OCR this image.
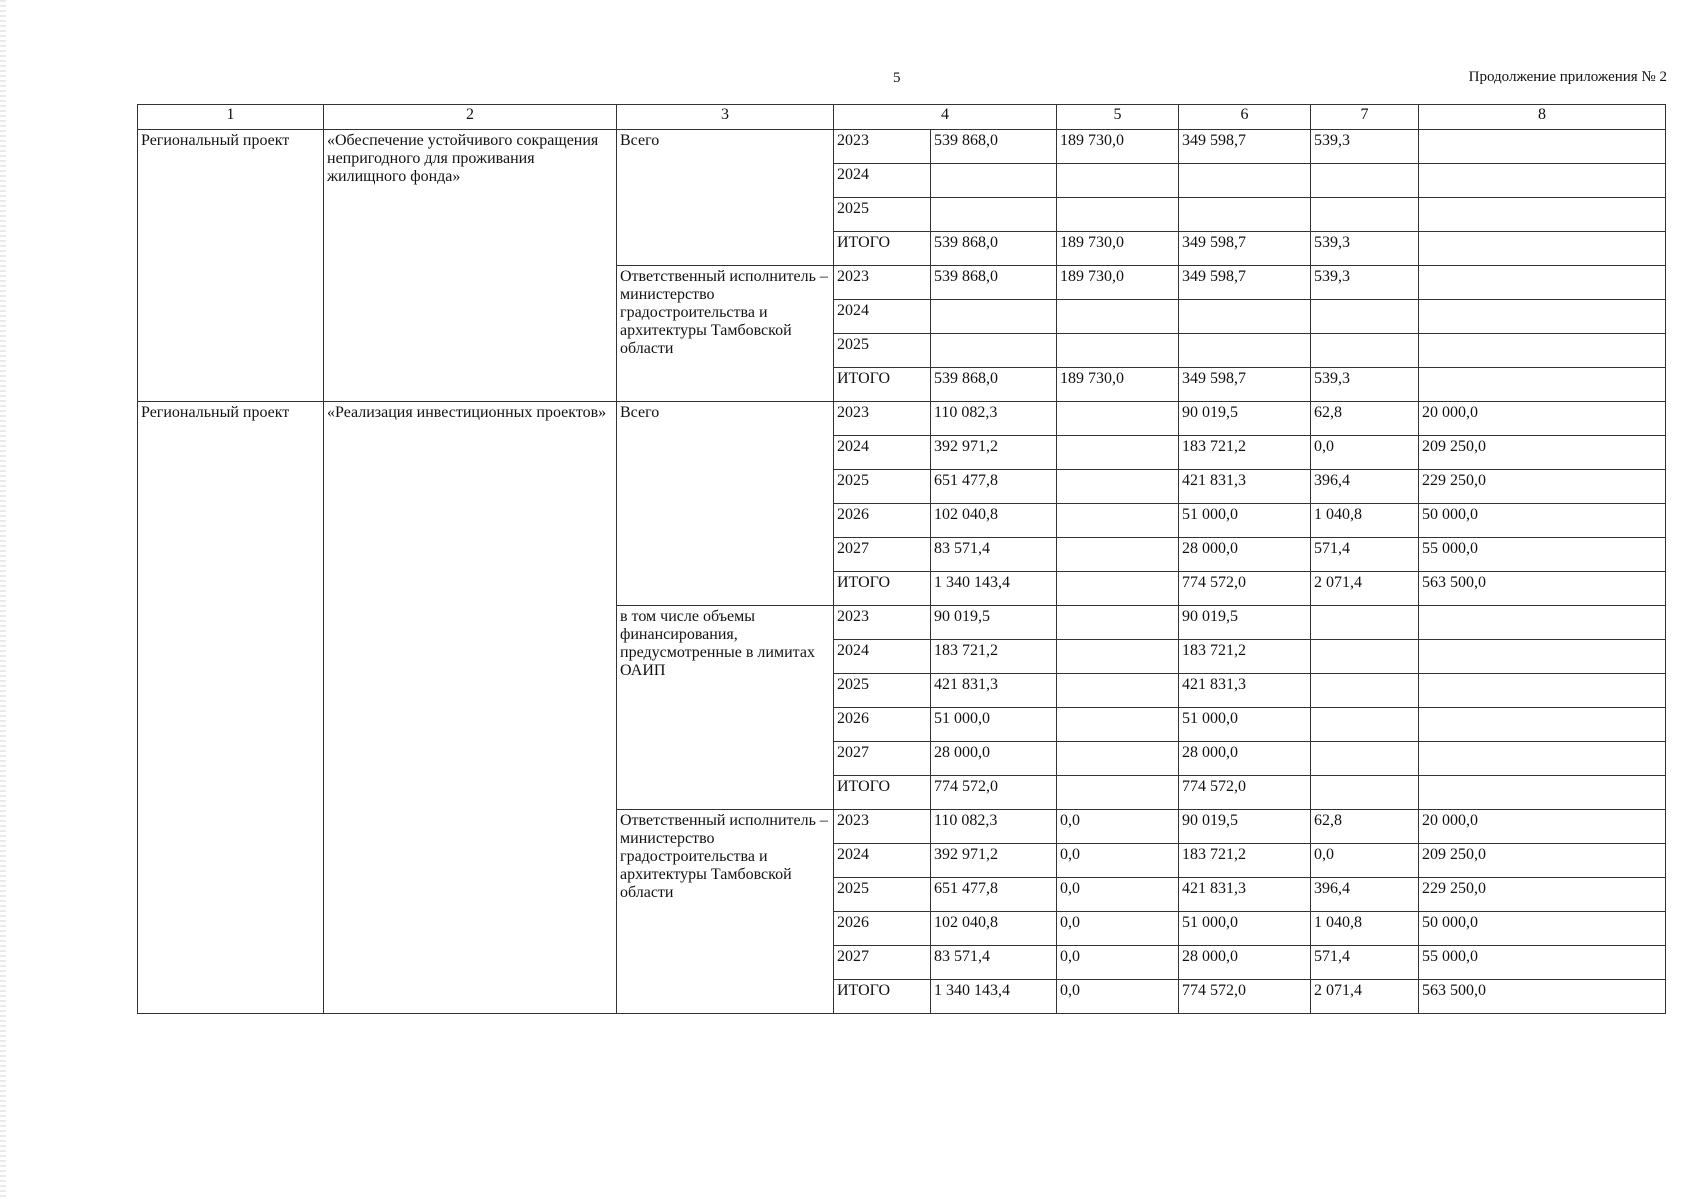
5	Продолжение приложения № 2
1	2	3	4		5	6	7	8
Региональный проект	«Обеспечение устойчивого сокращения непригодного для проживания жилищного фонда»	Всего	2023	539 868,0	189 730,0	349 598,7	539,3	
			2024					
			2025					
			ИТОГО	539 868,0	189 730,0	349 598,7	539,3	
		Ответственный исполнитель – министерство градостроительства и архитектуры Тамбовской области	2023	539 868,0	189 730,0	349 598,7	539,3	
			2024					
			2025					
			ИТОГО	539 868,0	189 730,0	349 598,7	539,3	
Региональный проект	«Реализация инвестиционных проектов»	Всего	2023	110 082,3		90 019,5	62,8	20 000,0
			2024	392 971,2		183 721,2	0,0	209 250,0
			2025	651 477,8		421 831,3	396,4	229 250,0
			2026	102 040,8		51 000,0	1 040,8	50 000,0
			2027	83 571,4		28 000,0	571,4	55 000,0
			ИТОГО	1 340 143,4		774 572,0	2 071,4	563 500,0
		в том числе объемы финансирования, предусмотренные в лимитах ОАИП	2023	90 019,5		90 019,5		
			2024	183 721,2		183 721,2		
			2025	421 831,3		421 831,3		
			2026	51 000,0		51 000,0		
			2027	28 000,0		28 000,0		
			ИТОГО	774 572,0		774 572,0		
		Ответственный исполнитель – министерство градостроительства и архитектуры Тамбовской области	2023	110 082,3	0,0	90 019,5	62,8	20 000,0
			2024	392 971,2	0,0	183 721,2	0,0	209 250,0
			2025	651 477,8	0,0	421 831,3	396,4	229 250,0
			2026	102 040,8	0,0	51 000,0	1 040,8	50 000,0
			2027	83 571,4	0,0	28 000,0	571,4	55 000,0
			ИТОГО	1 340 143,4	0,0	774 572,0	2 071,4	563 500,0
